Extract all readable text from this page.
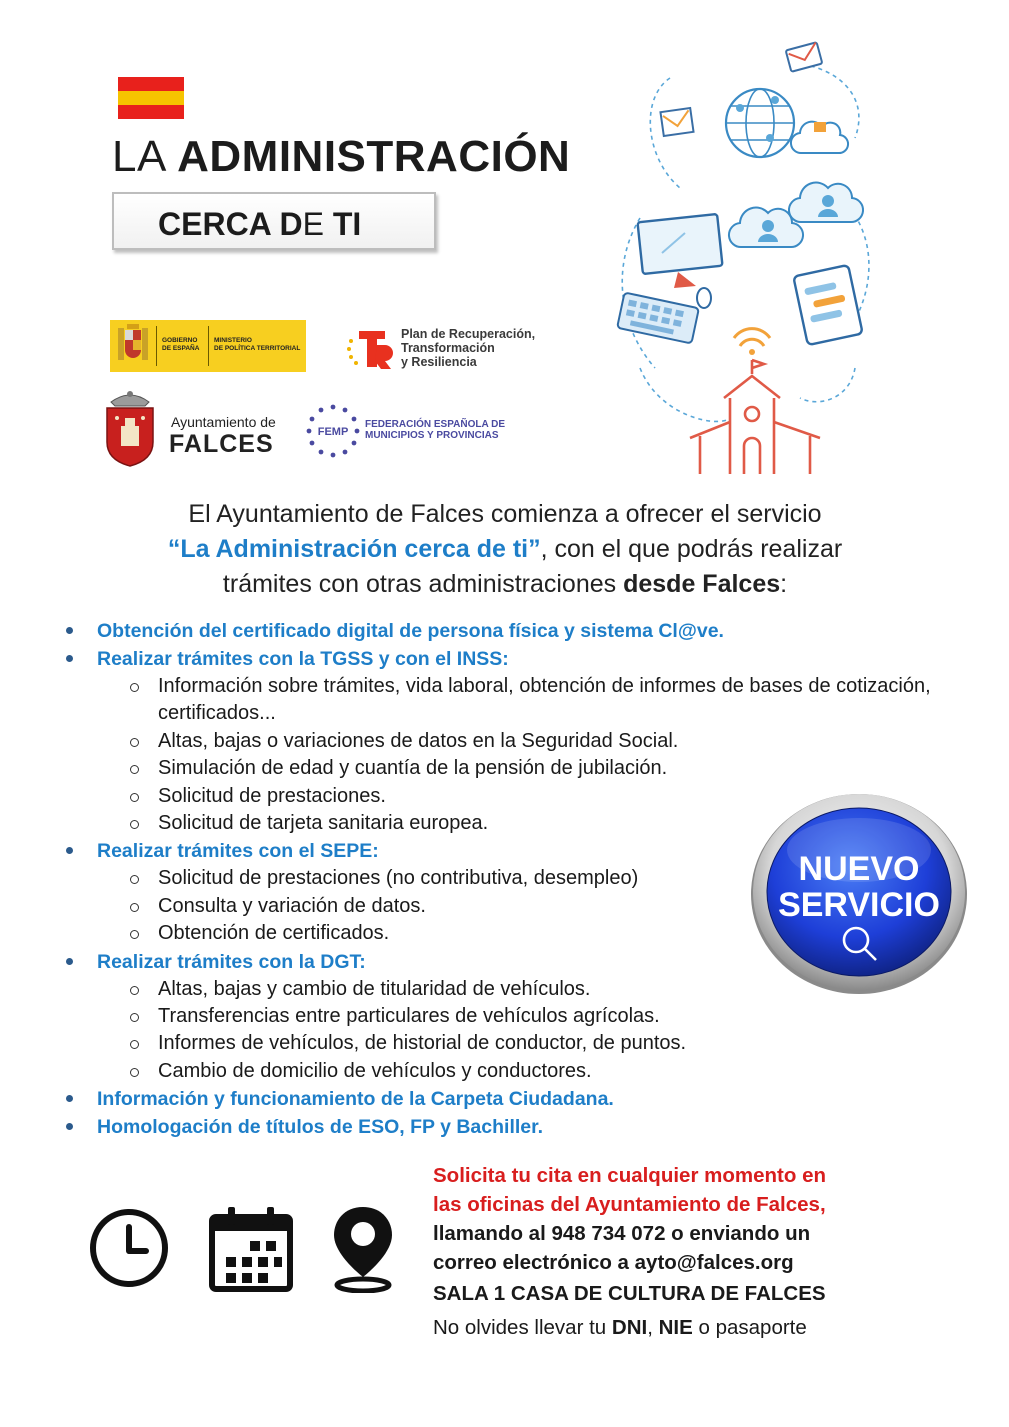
LA ADMINISTRACIÓN
CERCA DE TI
GOBIERNO
DE ESPAÑA
MINISTERIO
DE POLÍTICA TERRITORIAL
Plan de Recuperación,
Transformación
y Resiliencia
Ayuntamiento de
FALCES	FEMP
FEDERACIÓN ESPAÑOLA DE
MUNICIPIOS Y PROVINCIAS
El Ayuntamiento de Falces comienza a ofrecer el servicio
“La Administración cerca de ti”, con el que podrás realizar
trámites con otras administraciones desde Falces:
Obtención del certificado digital de persona física y sistema Cl@ve.
Realizar trámites con la TGSS y con el INSS:
Información sobre trámites, vida laboral, obtención de informes de bases de cotización, certificados...
Altas, bajas o variaciones de datos en la Seguridad Social.
Simulación de edad y cuantía de la pensión de jubilación.
Solicitud de prestaciones.
Solicitud de tarjeta sanitaria europea.
Realizar trámites con el SEPE:
Solicitud de prestaciones (no contributiva, desempleo)
Consulta y variación de datos.
Obtención de certificados.
Realizar trámites con la DGT:
Altas, bajas y cambio de titularidad de vehículos.
Transferencias entre particulares de vehículos agrícolas.
Informes de vehículos, de historial de conductor, de puntos.
Cambio de domicilio de vehículos y conductores.
Información y funcionamiento de la Carpeta Ciudadana.
Homologación de títulos de ESO, FP y Bachiller.
NUEVO
SERVICIO
Solicita tu cita en cualquier momento en
las oficinas del Ayuntamiento de Falces,
llamando al 948 734 072 o enviando un
correo electrónico a ayto@falces.org
SALA 1 CASA DE CULTURA DE FALCES
No olvides llevar tu DNI, NIE o pasaporte
